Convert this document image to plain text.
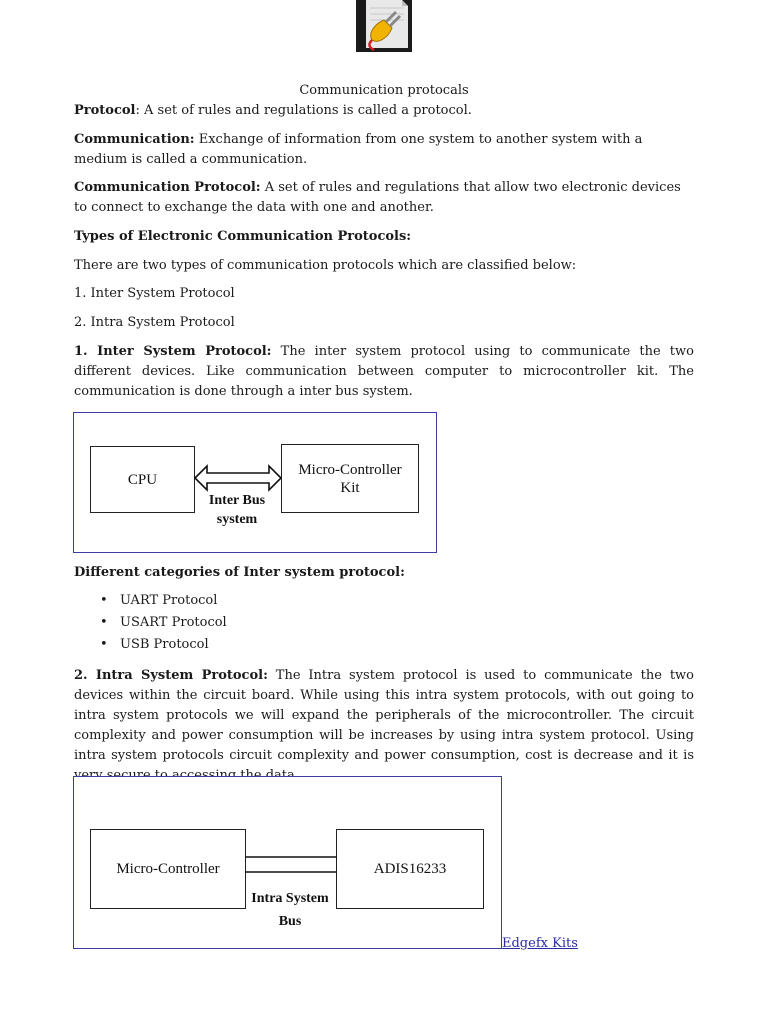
Communication protocals

Protocol: A set of rules and regulations is called a protocol.

Communication: Exchange of information from one system to another system with a medium is called a communication.

Communication Protocol: A set of rules and regulations that allow two electronic devices to connect to exchange the data with one and another.

Types of Electronic Communication Protocols:

There are two types of communication protocols which are classified below:

1. Inter System Protocol

2. Intra System Protocol

1. Inter System Protocol: The inter system protocol using to communicate the two different devices. Like communication between computer to microcontroller kit. The communication is done through a inter bus system.

CPU
Micro-Controller
Kit
Inter Bus
system

Different categories of Inter system protocol:

• UART Protocol
• USART Protocol
• USB Protocol

2. Intra System Protocol: The Intra system protocol is used to communicate the two devices within the circuit board. While using this intra system protocols, with out going to intra system protocols we will expand the peripherals of the microcontroller. The circuit complexity and power consumption will be increases by using intra system protocol. Using intra system protocols circuit complexity and power consumption, cost is decrease and it is

Micro-Controller	ADIS16233
Intra System
Bus
Edgefx Kits
